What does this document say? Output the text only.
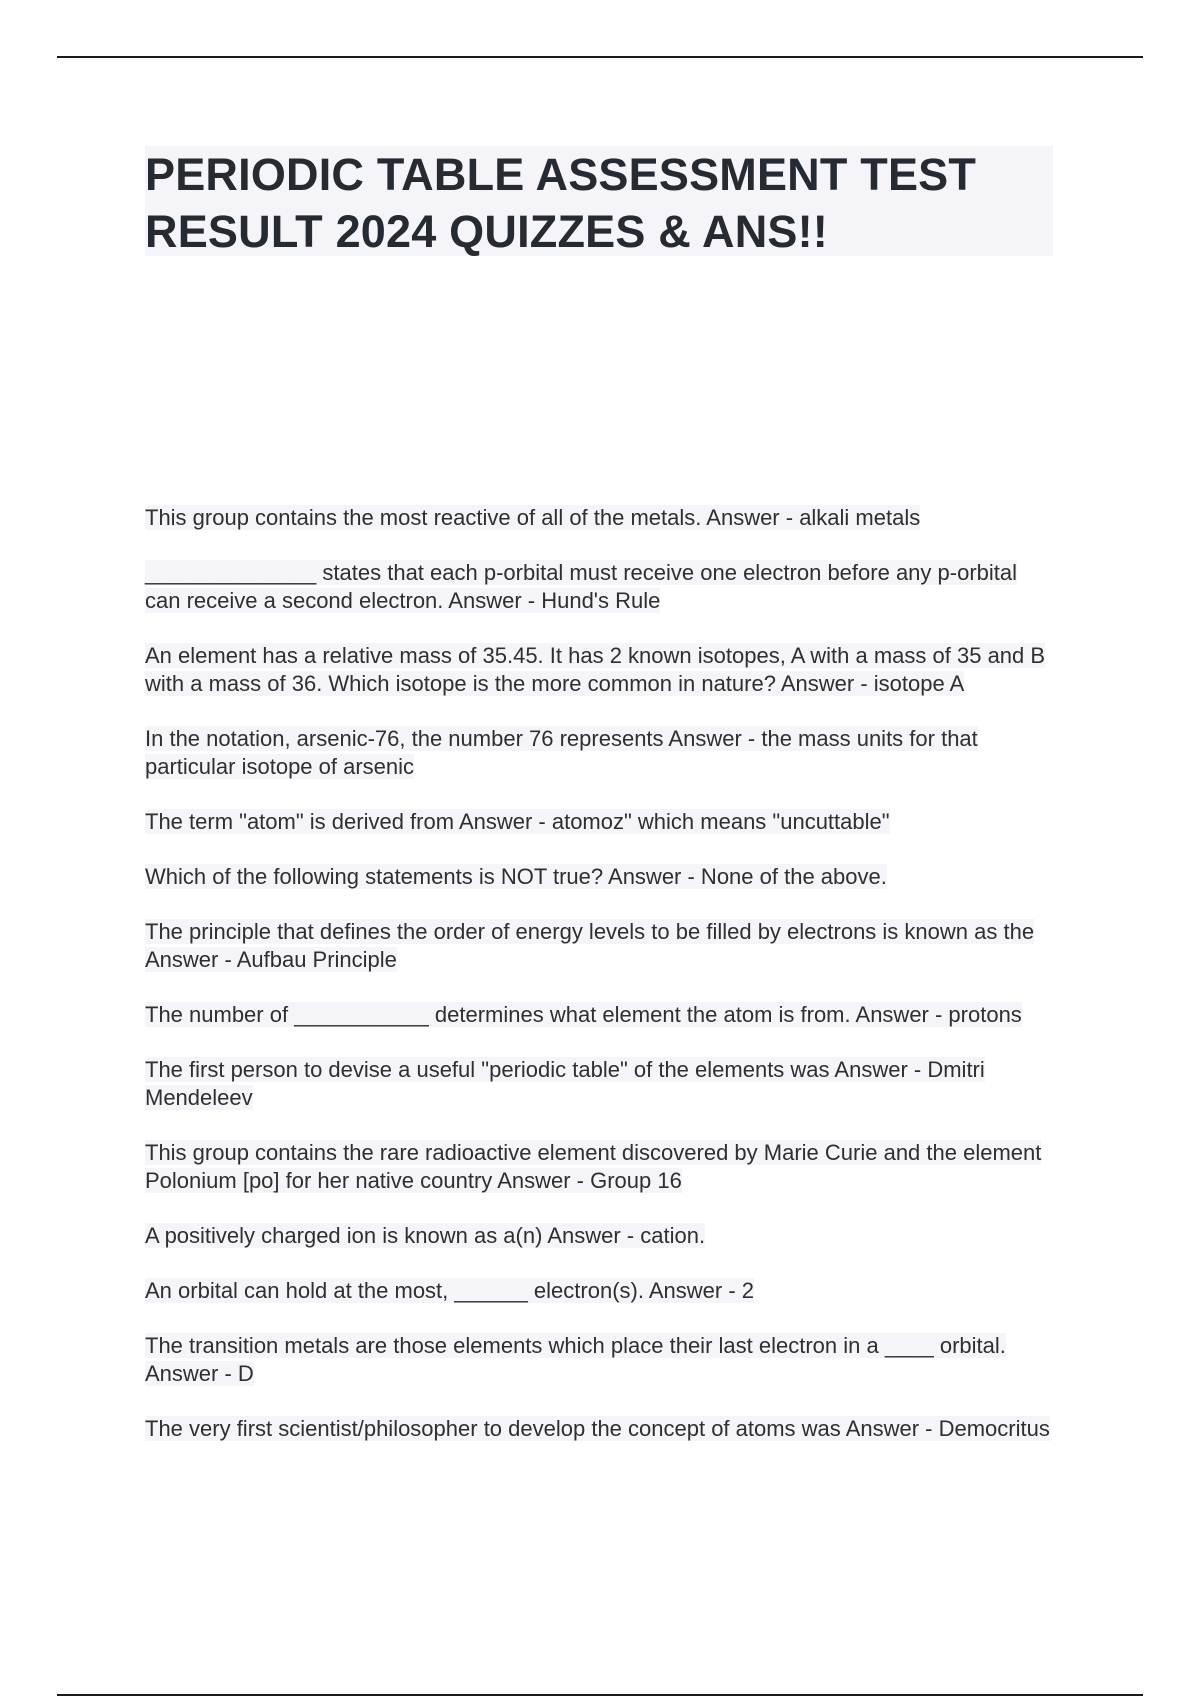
PERIODIC TABLE ASSESSMENT TEST
RESULT 2024 QUIZZES & ANS!!
This group contains the most reactive of all of the metals. Answer - alkali metals
______________ states that each p-orbital must receive one electron before any p-orbital can receive a second electron. Answer - Hund's Rule
An element has a relative mass of 35.45. It has 2 known isotopes, A with a mass of 35 and B with a mass of 36. Which isotope is the more common in nature? Answer - isotope A
In the notation, arsenic-76, the number 76 represents Answer - the mass units for that particular isotope of arsenic
The term "atom" is derived from Answer - atomoz" which means "uncuttable"
Which of the following statements is NOT true? Answer - None of the above.
The principle that defines the order of energy levels to be filled by electrons is known as the Answer - Aufbau Principle
The number of ___________ determines what element the atom is from. Answer - protons
The first person to devise a useful "periodic table" of the elements was Answer - Dmitri Mendeleev
This group contains the rare radioactive element discovered by Marie Curie and the element Polonium [po] for her native country Answer - Group 16
A positively charged ion is known as a(n) Answer - cation.
An orbital can hold at the most, ______ electron(s). Answer - 2
The transition metals are those elements which place their last electron in a ____ orbital. Answer - D
The very first scientist/philosopher to develop the concept of atoms was Answer - Democritus
